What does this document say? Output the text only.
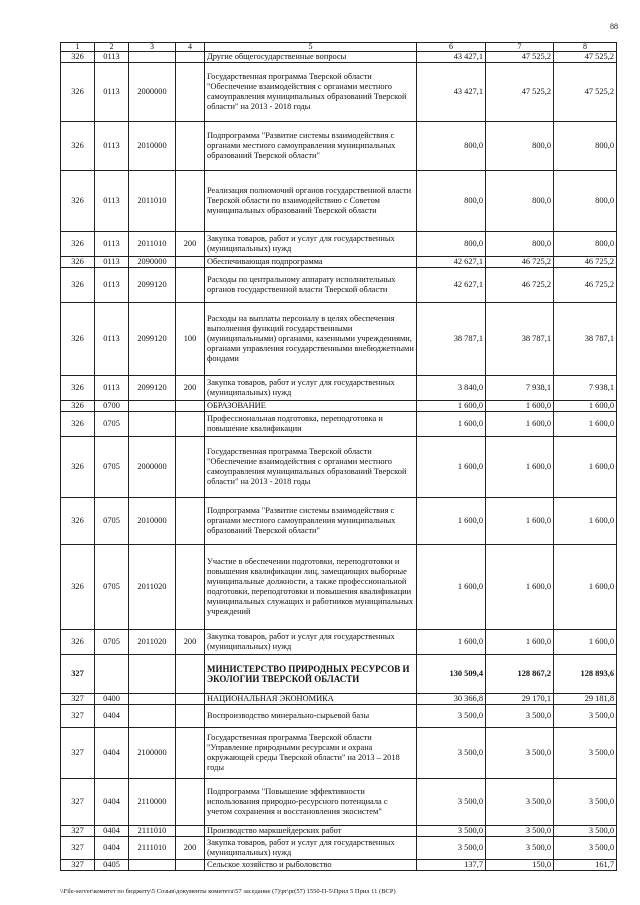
88
1	2	3	4	5	6	7	8
326	0113			Другие общегосударственные вопросы	43 427,1	47 525,2	47 525,2
326	0113	2000000		Государственная программа Тверской области "Обеспечение взаимодействия с органами местного самоуправления муниципальных образований Тверской области" на 2013 - 2018 годы	43 427,1	47 525,2	47 525,2
326	0113	2010000		Подпрограмма "Развитие системы взаимодействия с органами местного самоуправления муниципальных образований Тверской области"	800,0	800,0	800,0
326	0113	2011010		Реализация полномочий органов государственной власти Тверской области по взаимодействию с Советом муниципальных образований Тверской области	800,0	800,0	800,0
326	0113	2011010	200	Закупка товаров, работ и услуг для государственных (муниципальных) нужд	800,0	800,0	800,0
326	0113	2090000		Обеспечивающая подпрограмма	42 627,1	46 725,2	46 725,2
326	0113	2099120		Расходы по центральному аппарату исполнительных органов государственной власти Тверской области	42 627,1	46 725,2	46 725,2
326	0113	2099120	100	Расходы на выплаты персоналу в целях обеспечения выполнения функций государственными (муниципальными) органами, казенными учреждениями, органами управления государственными внебюджетными фондами	38 787,1	38 787,1	38 787,1
326	0113	2099120	200	Закупка товаров, работ и услуг для государственных (муниципальных) нужд	3 840,0	7 938,1	7 938,1
326	0700			ОБРАЗОВАНИЕ	1 600,0	1 600,0	1 600,0
326	0705			Профессиональная подготовка, переподготовка и повышение квалификации	1 600,0	1 600,0	1 600,0
326	0705	2000000		Государственная программа Тверской области "Обеспечение взаимодействия с органами местного самоуправления муниципальных образований Тверской области" на 2013 - 2018 годы	1 600,0	1 600,0	1 600,0
326	0705	2010000		Подпрограмма "Развитие системы взаимодействия с органами местного самоуправления муниципальных образований Тверской области"	1 600,0	1 600,0	1 600,0
326	0705	2011020		Участие в обеспечении подготовки, переподготовки и повышения квалификации лиц, замещающих выборные муниципальные должности, а также профессиональной подготовки, переподготовки и повышения квалификации муниципальных служащих и работников муниципальных учреждений	1 600,0	1 600,0	1 600,0
326	0705	2011020	200	Закупка товаров, работ и услуг для государственных (муниципальных) нужд	1 600,0	1 600,0	1 600,0
327				МИНИСТЕРСТВО ПРИРОДНЫХ РЕСУРСОВ И ЭКОЛОГИИ ТВЕРСКОЙ ОБЛАСТИ	130 509,4	128 867,2	128 893,6
327	0400			НАЦИОНАЛЬНАЯ ЭКОНОМИКА	30 366,8	29 170,1	29 181,8
327	0404			Воспроизводство минерально-сырьевой базы	3 500,0	3 500,0	3 500,0
327	0404	2100000		Государственная программа Тверской области "Управление природными ресурсами и охрана окружающей среды Тверской области" на 2013 – 2018 годы	3 500,0	3 500,0	3 500,0
327	0404	2110000		Подпрограмма "Повышение эффективности использования природно-ресурсного потенциала с учетом сохранения и восстановления экосистем"	3 500,0	3 500,0	3 500,0
327	0404	2111010		Производство маркшейдерских работ	3 500,0	3 500,0	3 500,0
327	0404	2111010	200	Закупка товаров, работ и услуг для государственных (муниципальных) нужд	3 500,0	3 500,0	3 500,0
327	0405			Сельское хозяйство и рыболовство	137,7	150,0	161,7
\\File-server\комитет по бюджету\5 Созыв\документы комитета\57 заседание (7)\pr\pr(57) 1550-П-5\Прил 5 Прил 11 (ВСР)
